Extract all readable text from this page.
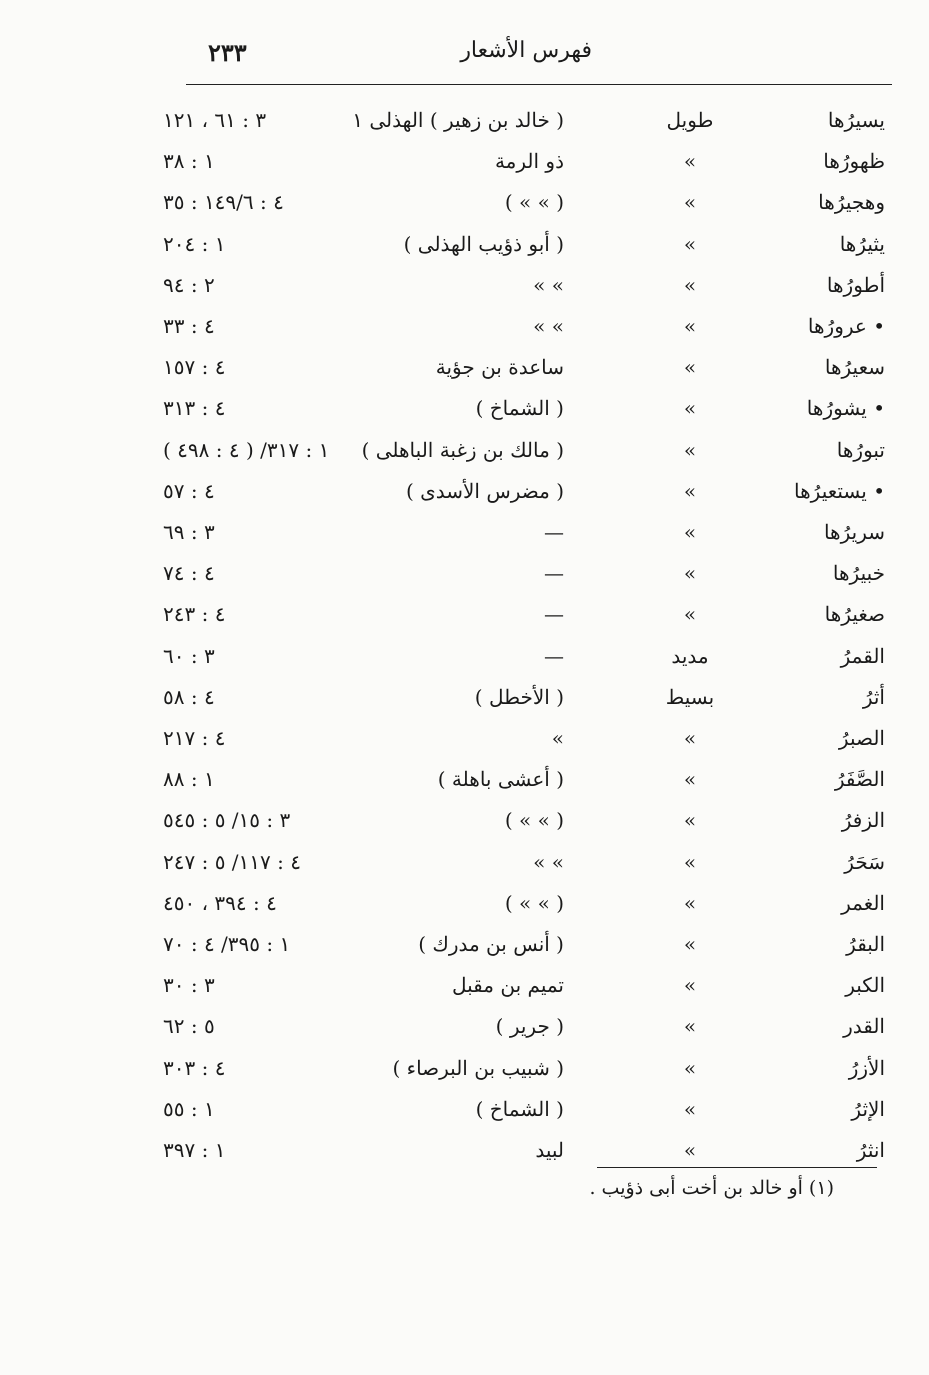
٢٣٣	فهرس الأشعار
يسيرُها
طويل
( خالد بن زهير ) الهذلى ١
٣ : ٦١ ، ١٢١
ظهورُها
»
ذو الرمة
١ : ٣٨
وهجيرُها
»
( » » )
٤ : ١٤٩/٦ : ٣٥
يثيرُها
»
( أبو ذؤيب الهذلى )
١ : ٢٠٤
أطورُها
»
» »
٢ : ٩٤
• عرورُها
»
» »
٤ : ٣٣
سعيرُها
»
ساعدة بن جؤية
٤ : ١٥٧
• يشورُها
»
( الشماخ )
٤ : ٣١٣
تبورُها
»
( مالك بن زغبة الباهلى )
١ : ٣١٧/ ( ٤ : ٤٩٨ )
• يستعيرُها
»
( مضرس الأسدى )
٤ : ٥٧
سريرُها
»
—
٣ : ٦٩
خبيرُها
»
—
٤ : ٧٤
صغيرُها
»
—
٤ : ٢٤٣
القمرُ
مديد
—
٣ : ٦٠
أثرُ
بسيط
( الأخطل )
٤ : ٥٨
الصبرُ
»
»
٤ : ٢١٧
الصَّفَرُ
»
( أعشى باهلة )
١ : ٨٨
الزفرُ
»
( » » )
٣ : ١٥/ ٥ : ٥٤٥
سَحَرُ
»
» »
٤ : ١١٧/ ٥ : ٢٤٧
الغمر
»
( » » )
٤ : ٣٩٤ ، ٤٥٠
البقرُ
»
( أنس بن مدرك )
١ : ٣٩٥/ ٤ : ٧٠
الكبر
»
تميم بن مقبل
٣ : ٣٠
القدر
»
( جرير )
٥ : ٦٢
الأزرُ
»
( شبيب بن البرصاء )
٤ : ٣٠٣
الإثرُ
»
( الشماخ )
١ : ٥٥
انثرُ
»
لبيد
١ : ٣٩٧
(١) أو خالد بن أخت أبى ذؤيب .
